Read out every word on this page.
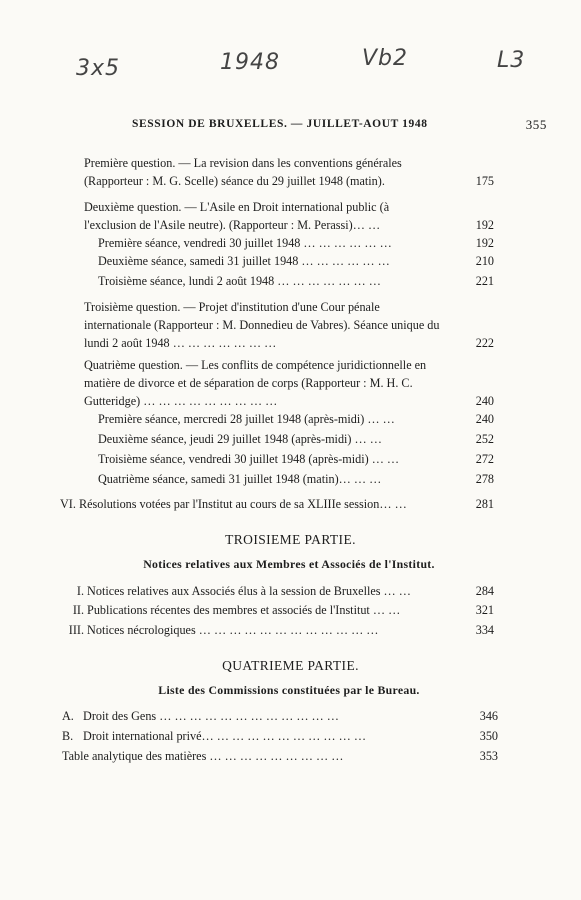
3x5	1948	Vb2	L3
SESSION DE BRUXELLES. — JUILLET-AOUT 1948	355
Première question. — La revision dans les conventions générales (Rapporteur : M. G. Scelle) séance du 29 juillet 1948 (matin).	175
Deuxième question. — L'Asile en Droit international public (à l'exclusion de l'Asile neutre). (Rapporteur : M. Perassi)… …	192
Première séance, vendredi 30 juillet 1948 … … … … … …	192
Deuxième séance, samedi 31 juillet 1948 … … … … … …	210
Troisième séance, lundi 2 août 1948 … … … … … … …	221
Troisième question. — Projet d'institution d'une Cour pénale internationale (Rapporteur : M. Donnedieu de Vabres). Séance unique du lundi 2 août 1948 … … … … … … …	222
Quatrième question. — Les conflits de compétence juridictionnelle en matière de divorce et de séparation de corps (Rapporteur : M. H. C. Gutteridge) … … … … … … … … …	240
Première séance, mercredi 28 juillet 1948 (après-midi) … …	240
Deuxième séance, jeudi 29 juillet 1948 (après-midi) … …	252
Troisième séance, vendredi 30 juillet 1948 (après-midi) … …	272
Quatrième séance, samedi 31 juillet 1948 (matin)… … …	278
VI. Résolutions votées par l'Institut au cours de sa XLIIIe session… …	281
TROISIEME PARTIE.
Notices relatives aux Membres et Associés de l'Institut.
I. Notices relatives aux Associés élus à la session de Bruxelles … …	284
II. Publications récentes des membres et associés de l'Institut … …	321
III. Notices nécrologiques … … … … … … … … … … … …	334
QUATRIEME PARTIE.
Liste des Commissions constituées par le Bureau.
A. Droit des Gens … … … … … … … … … … … …	346
B. Droit international privé… … … … … … … … … … …	350
Table analytique des matières … … … … … … … … …	353
